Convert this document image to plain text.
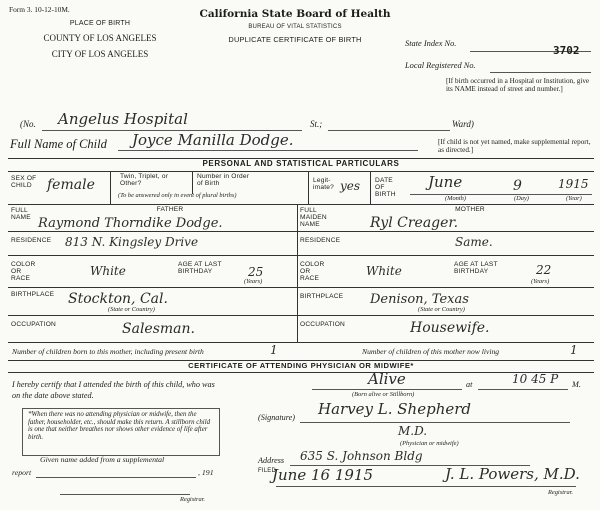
Form 3. 10-12-10M.
PLACE OF BIRTH
COUNTY OF LOS ANGELES
CITY OF LOS ANGELES
California State Board of Health
BUREAU OF VITAL STATISTICS
DUPLICATE CERTIFICATE OF BIRTH	State Index No.
3702
Local Registered No.
[If birth occurred in a Hospital or Institution, give its NAME instead of street and number.]
(No. Angelus Hospital	St.;	Ward)
Full Name of Child Joyce Manilla Dodge.	[If child is not yet named, make supplemental report, as directed.]
PERSONAL AND STATISTICAL PARTICULARS
SEX OF CHILD	female
Twin, Triplet, or Other?
Number in Order of Birth
(To be answered only in event of plural births)
Legit-imate? yes DATE OF BIRTH
June	9	1915
(Month)	(Day)	(Year)
FATHER
FULL NAME Raymond Thorndike Dodge.
RESIDENCE 813 N. Kingsley Drive
COLOR OR RACE
White	AGE AT LAST BIRTHDAY	25
(Years)
BIRTHPLACE Stockton, Cal.
(State or Country)
OCCUPATION	Salesman.
MOTHER
FULL MAIDEN NAME	Ryl Creager.
RESIDENCE	Same.
COLOR OR RACE
White	AGE AT LAST BIRTHDAY	22
(Years)
BIRTHPLACE Denison, Texas
(State or Country)
OCCUPATION	Housewife.
Number of children born to this mother, including present birth	1	Number of children of this mother now living	1
CERTIFICATE OF ATTENDING PHYSICIAN OR MIDWIFE*
I hereby certify that I attended the birth of this child, who was
on the date above stated.
Alive	at	10 45 P M.
(Born alive or Stillborn)
*When there was no attending physician or midwife, then the father, householder, etc., should make this return. A stillborn child is one that neither breathes nor shows other evidence of life after birth.
Given name added from a supplemental
report	, 191
Registrar.
(Signature) Harvey L. Shepherd
M.D.
(Physician or midwife)
Address 635 S. Johnson Bldg
FILED
June 16 1915	J. L. Powers, M.D.
Registrar.
